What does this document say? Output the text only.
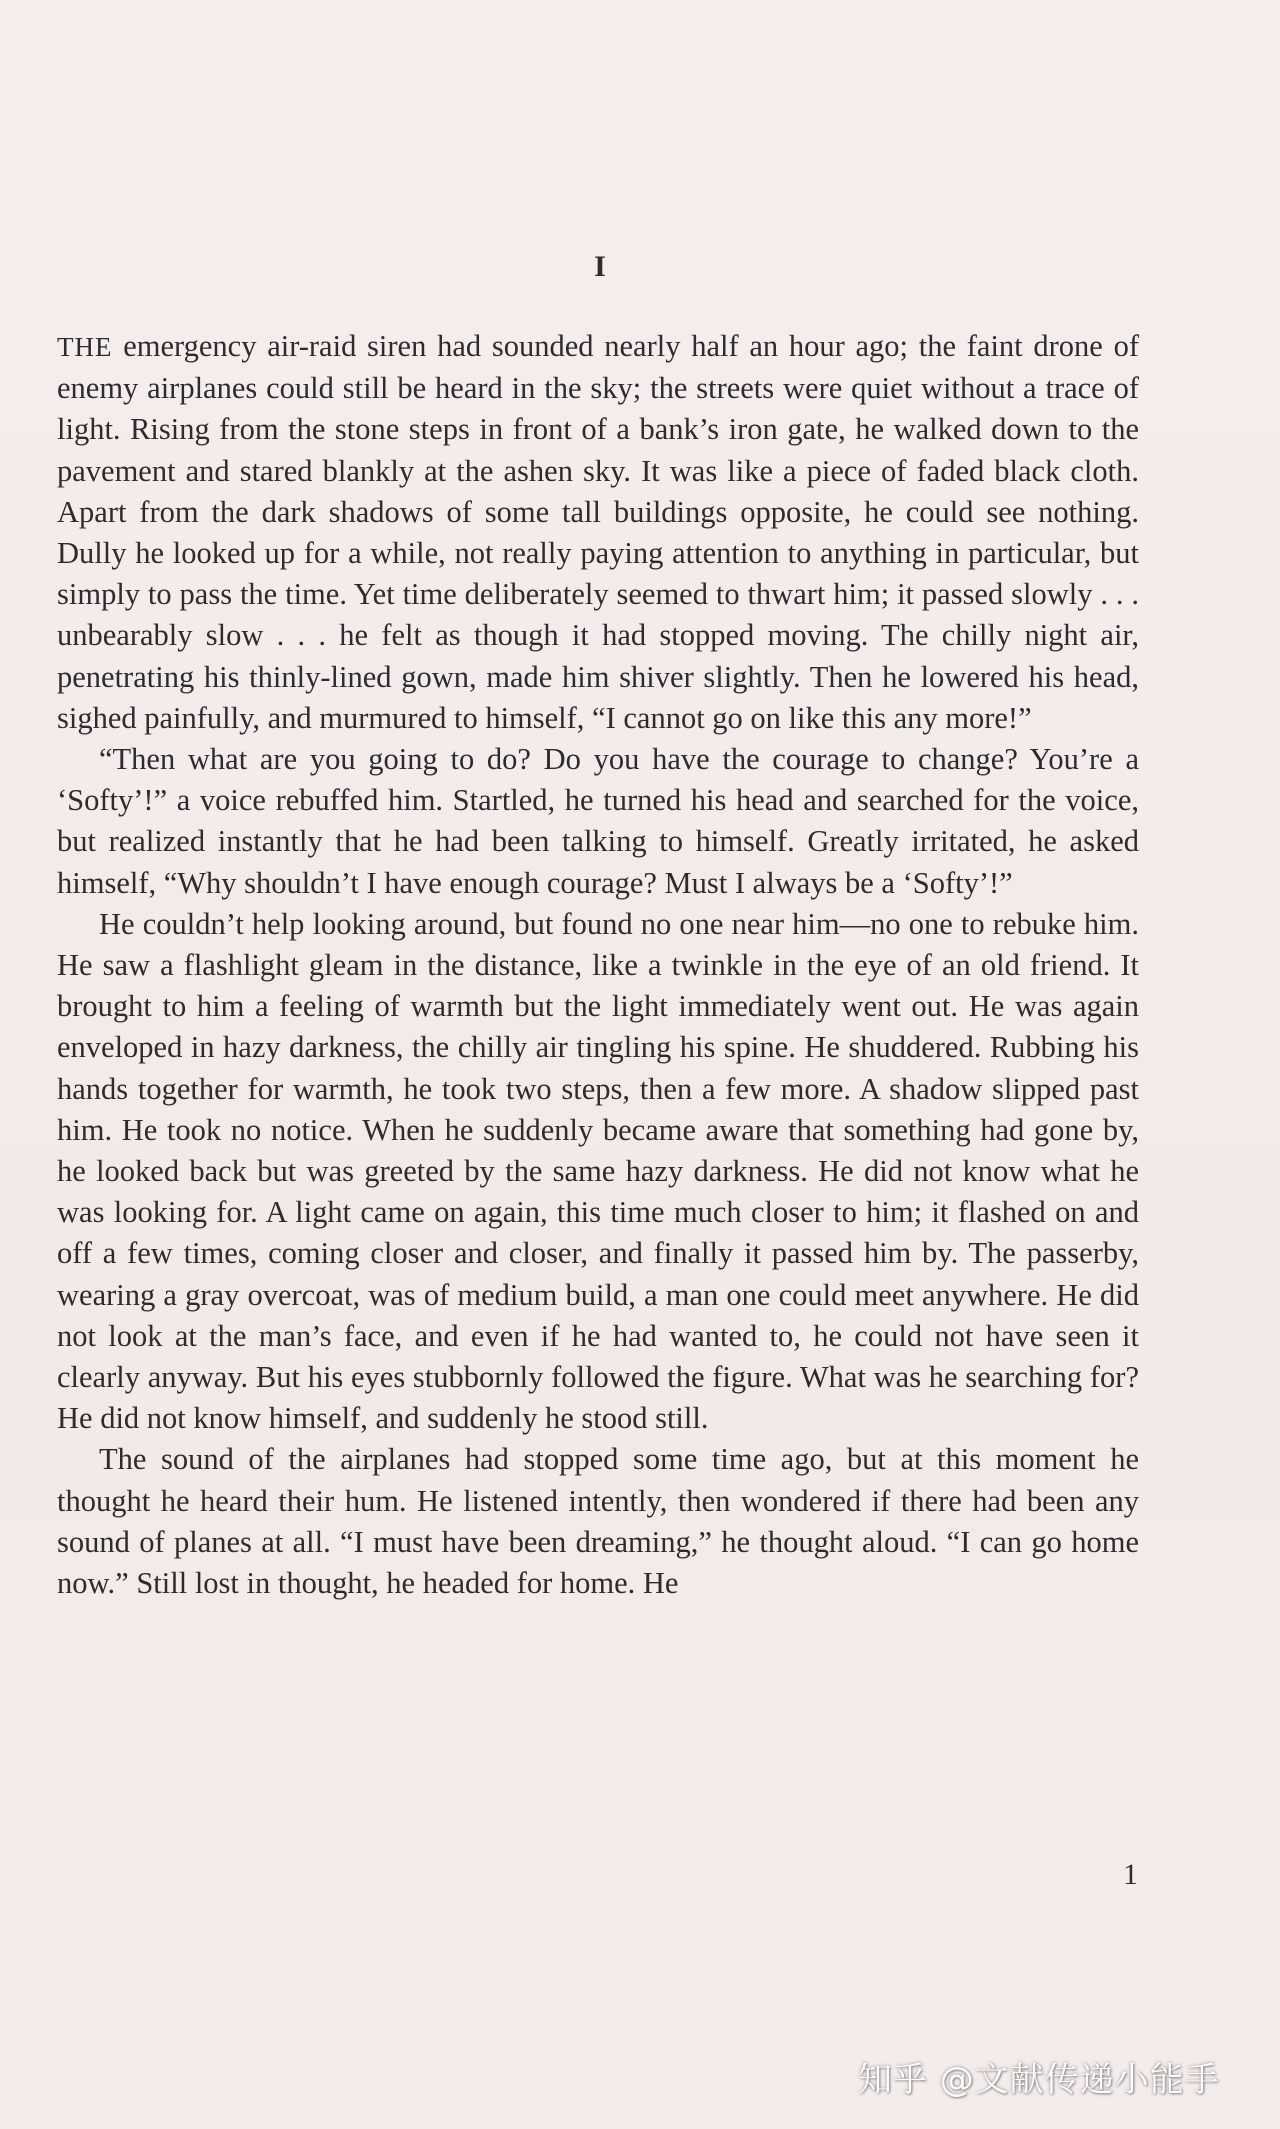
I

THE emergency air-raid siren had sounded nearly half an hour ago; the faint drone of enemy airplanes could still be heard in the sky; the streets were quiet without a trace of light. Rising from the stone steps in front of a bank’s iron gate, he walked down to the pavement and stared blankly at the ashen sky. It was like a piece of faded black cloth. Apart from the dark shadows of some tall buildings opposite, he could see nothing. Dully he looked up for a while, not really paying attention to anything in particular, but simply to pass the time. Yet time deliberately seemed to thwart him; it passed slowly . . . unbearably slow . . . he felt as though it had stopped moving. The chilly night air, penetrating his thinly-lined gown, made him shiver slightly. Then he lowered his head, sighed painfully, and murmured to himself, “I cannot go on like this any more!”

“Then what are you going to do? Do you have the courage to change? You’re a ‘Softy’!” a voice rebuffed him. Startled, he turned his head and searched for the voice, but realized instantly that he had been talking to himself. Greatly irritated, he asked himself, “Why shouldn’t I have enough courage? Must I always be a ‘Softy’!”

He couldn’t help looking around, but found no one near him—no one to rebuke him. He saw a flashlight gleam in the distance, like a twinkle in the eye of an old friend. It brought to him a feeling of warmth but the light immediately went out. He was again enveloped in hazy darkness, the chilly air tingling his spine. He shuddered. Rubbing his hands together for warmth, he took two steps, then a few more. A shadow slipped past him. He took no notice. When he suddenly became aware that something had gone by, he looked back but was greeted by the same hazy darkness. He did not know what he was looking for. A light came on again, this time much closer to him; it flashed on and off a few times, coming closer and closer, and finally it passed him by. The passerby, wearing a gray overcoat, was of medium build, a man one could meet anywhere. He did not look at the man’s face, and even if he had wanted to, he could not have seen it clearly anyway. But his eyes stubbornly followed the figure. What was he searching for? He did not know himself, and suddenly he stood still.

The sound of the airplanes had stopped some time ago, but at this moment he thought he heard their hum. He listened intently, then wondered if there had been any sound of planes at all. “I must have been dreaming,” he thought aloud. “I can go home now.” Still lost in thought, he headed for home. He

1
知乎 @文献传递小能手
